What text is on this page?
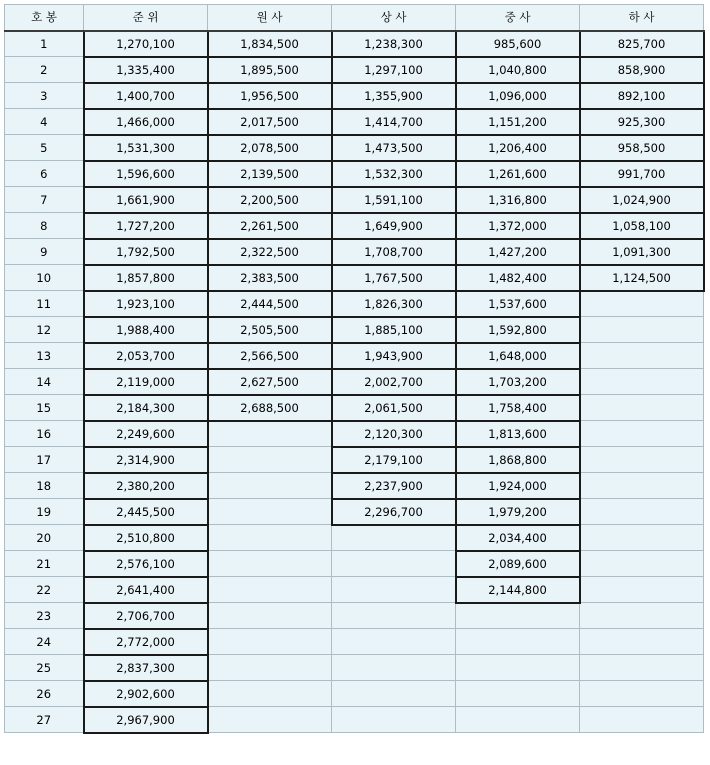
호 봉	준 위	원 사	상 사	중 사	하 사
1	1,270,100	1,834,500	1,238,300	985,600	825,700
2	1,335,400	1,895,500	1,297,100	1,040,800	858,900
3	1,400,700	1,956,500	1,355,900	1,096,000	892,100
4	1,466,000	2,017,500	1,414,700	1,151,200	925,300
5	1,531,300	2,078,500	1,473,500	1,206,400	958,500
6	1,596,600	2,139,500	1,532,300	1,261,600	991,700
7	1,661,900	2,200,500	1,591,100	1,316,800	1,024,900
8	1,727,200	2,261,500	1,649,900	1,372,000	1,058,100
9	1,792,500	2,322,500	1,708,700	1,427,200	1,091,300
10	1,857,800	2,383,500	1,767,500	1,482,400	1,124,500
11	1,923,100	2,444,500	1,826,300	1,537,600	
12	1,988,400	2,505,500	1,885,100	1,592,800	
13	2,053,700	2,566,500	1,943,900	1,648,000	
14	2,119,000	2,627,500	2,002,700	1,703,200	
15	2,184,300	2,688,500	2,061,500	1,758,400	
16	2,249,600		2,120,300	1,813,600	
17	2,314,900		2,179,100	1,868,800	
18	2,380,200		2,237,900	1,924,000	
19	2,445,500		2,296,700	1,979,200	
20	2,510,800			2,034,400	
21	2,576,100			2,089,600	
22	2,641,400			2,144,800	
23	2,706,700				
24	2,772,000				
25	2,837,300				
26	2,902,600				
27	2,967,900				
